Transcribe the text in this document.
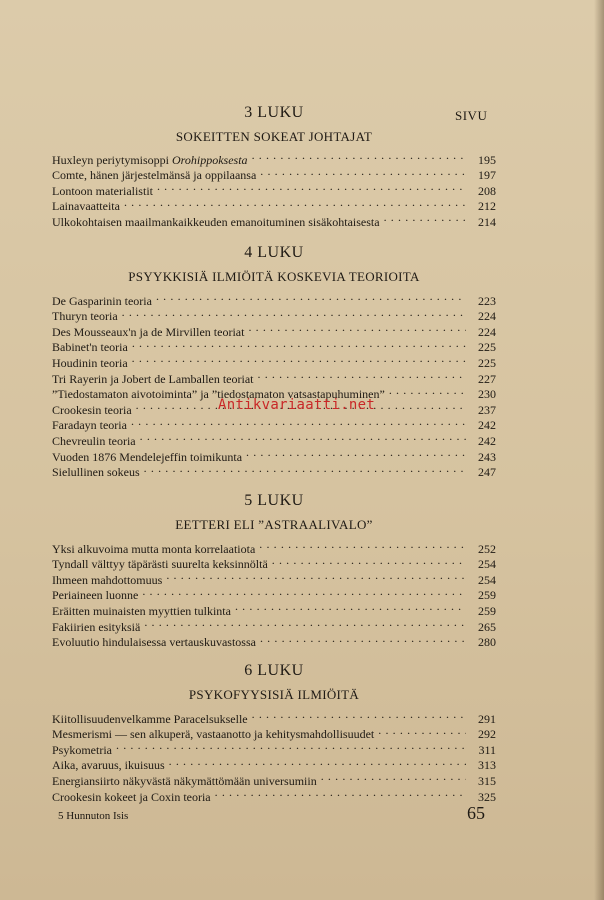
SIVU
3 LUKU
SOKEITTEN SOKEAT JOHTAJAT
Huxleyn periytymisoppi Orohippoksesta . . .	195
Comte, hänen järjestelmänsä ja oppilaansa . . .	197
Lontoon materialistit . . .	208
Lainavaatteita . . .	212
Ulkokohtaisen maailmankaikkeuden emanoituminen sisäkohtaisesta . . .	214
4 LUKU
PSYYKKISIÄ ILMIÖITÄ KOSKEVIA TEORIOITA
De Gasparinin teoria . . .	223
Thuryn teoria . . .	224
Des Mousseaux'n ja de Mirvillen teoriat . . .	224
Babinet'n teoria . . .	225
Houdinin teoria . . .	225
Tri Rayerin ja Jobert de Lamballen teoriat . . .	227
”Tiedostamaton aivotoiminta” ja ”tiedostamaton vatsastapuhuminen” . . .	230
Crookesin teoria . . .	237
Faradayn teoria . . .	242
Chevreulin teoria . . .	242
Vuoden 1876 Mendelejeffin toimikunta . . .	243
Sielullinen sokeus . . .	247
5 LUKU
EETTERI ELI ”ASTRAALIVALO”
Yksi alkuvoima mutta monta korrelaatiota . . .	252
Tyndall välttyy täpärästi suurelta keksinnöltä . . .	254
Ihmeen mahdottomuus . . .	254
Periaineen luonne . . .	259
Eräitten muinaisten myyttien tulkinta . . .	259
Fakiirien esityksiä . . .	265
Evoluutio hindulaisessa vertauskuvastossa . . .	280
6 LUKU
PSYKOFYYSISIÄ ILMIÖITÄ
Kiitollisuudenvelkamme Paracelsukselle . . .	291
Mesmerismi — sen alkuperä, vastaanotto ja kehitysmahdollisuudet . . .	292
Psykometria . . .	311
Aika, avaruus, ikuisuus . . .	313
Energiansiirto näkyvästä näkymättömään universumiin . . .	315
Crookesin kokeet ja Coxin teoria . . .	325
Antikvariaatti.net
5 Hunnuton Isis	65
